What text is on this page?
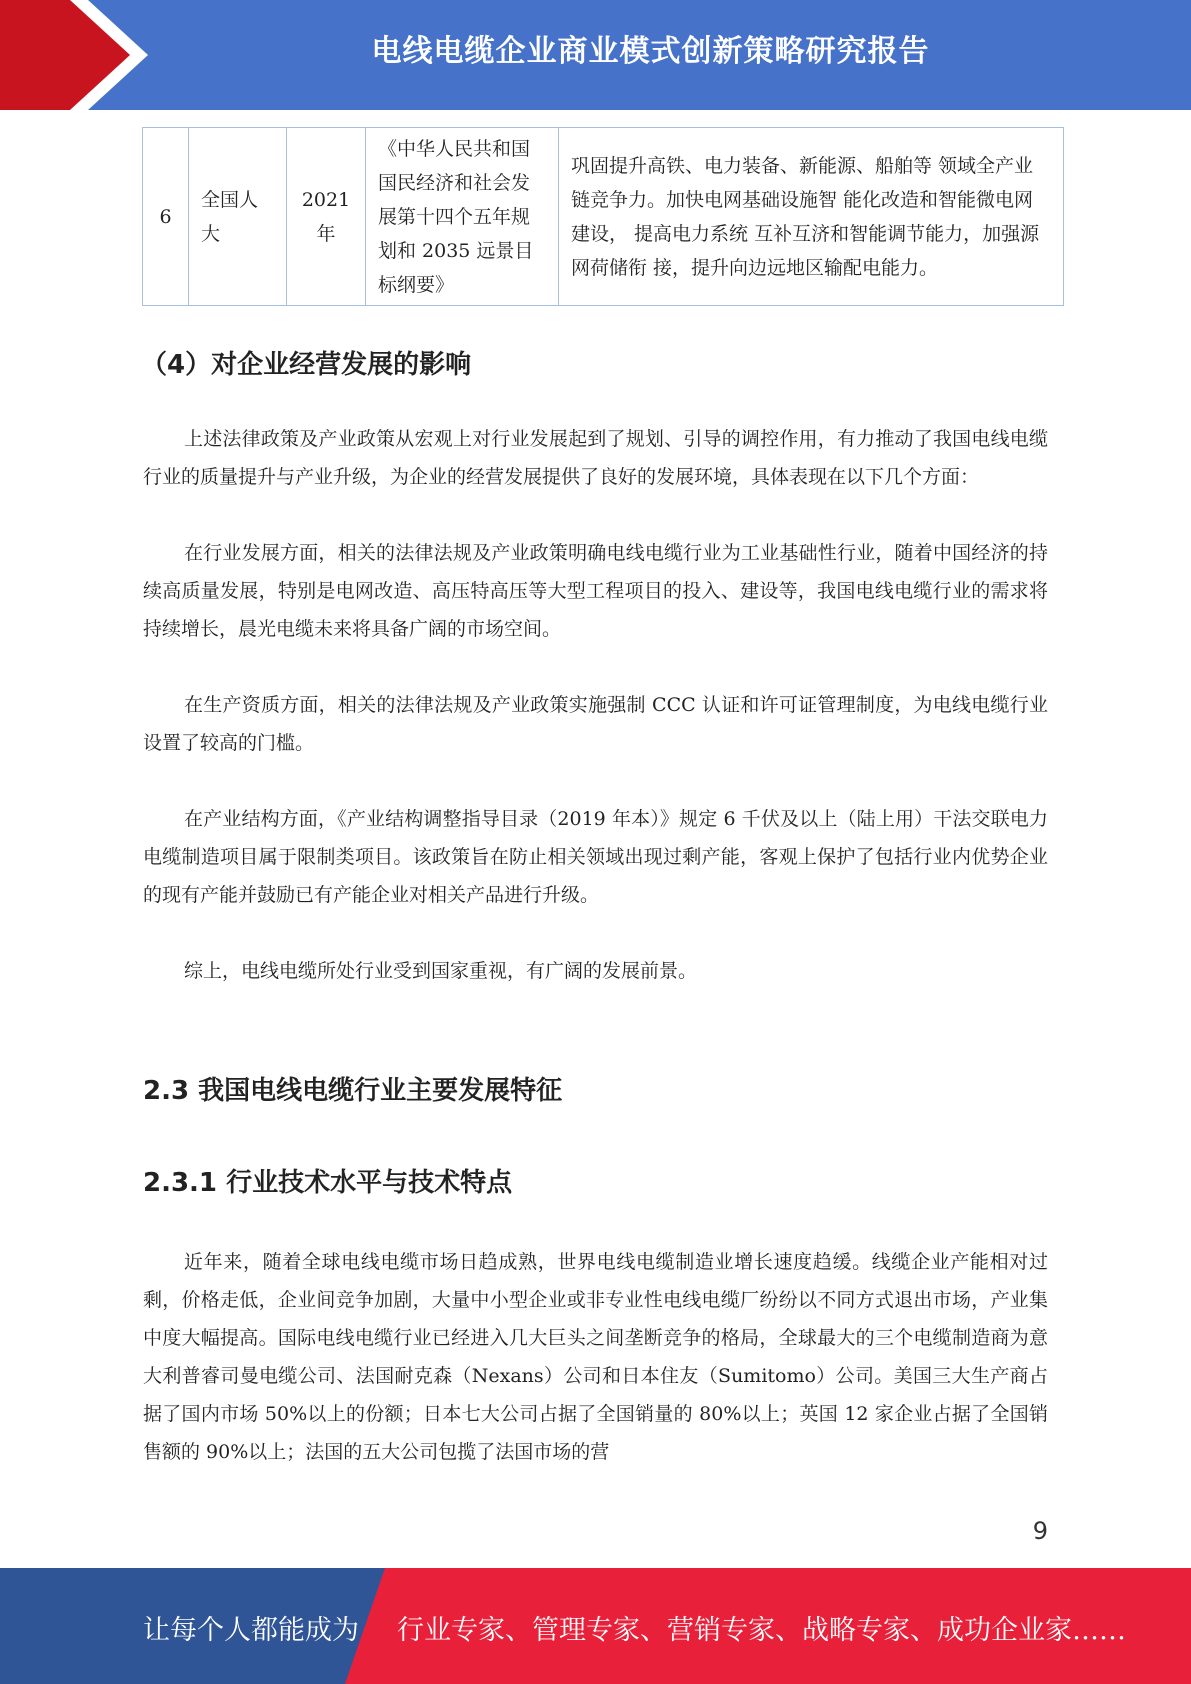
电线电缆企业商业模式创新策略研究报告
6	全国人大	2021 年	《中华人民共和国国民经济和社会发展第十四个五年规划和 2035 远景目标纲要》	巩固提升高铁、电力装备、新能源、船舶等 领域全产业链竞争力。加快电网基础设施智 能化改造和智能微电网建设， 提高电力系统 互补互济和智能调节能力，加强源网荷储衔 接，提升向边远地区输配电能力。
（4）对企业经营发展的影响

上述法律政策及产业政策从宏观上对行业发展起到了规划、引导的调控作用，有力推动了我国电线电缆行业的质量提升与产业升级，为企业的经营发展提供了良好的发展环境，具体表现在以下几个方面：

在行业发展方面，相关的法律法规及产业政策明确电线电缆行业为工业基础性行业，随着中国经济的持续高质量发展，特别是电网改造、高压特高压等大型工程项目的投入、建设等，我国电线电缆行业的需求将持续增长，晨光电缆未来将具备广阔的市场空间。

在生产资质方面，相关的法律法规及产业政策实施强制 CCC 认证和许可证管理制度，为电线电缆行业设置了较高的门槛。

在产业结构方面，《产业结构调整指导目录（2019 年本）》规定 6 千伏及以上（陆上用）干法交联电力电缆制造项目属于限制类项目。该政策旨在防止相关领域出现过剩产能，客观上保护了包括行业内优势企业的现有产能并鼓励已有产能企业对相关产品进行升级。

综上，电线电缆所处行业受到国家重视，有广阔的发展前景。

2.3 我国电线电缆行业主要发展特征
2.3.1 行业技术水平与技术特点

近年来，随着全球电线电缆市场日趋成熟，世界电线电缆制造业增长速度趋缓。线缆企业产能相对过剩，价格走低，企业间竞争加剧，大量中小型企业或非专业性电线电缆厂纷纷以不同方式退出市场，产业集中度大幅提高。国际电线电缆行业已经进入几大巨头之间垄断竞争的格局，全球最大的三个电缆制造商为意大利普睿司曼电缆公司、法国耐克森（Nexans）公司和日本住友（Sumitomo）公司。美国三大生产商占据了国内市场 50%以上的份额；日本七大公司占据了全国销量的 80%以上；英国 12 家企业占据了全国销售额的 90%以上；法国的五大公司包揽了法国市场的营

9
让每个人都能成为 行业专家、管理专家、营销专家、战略专家、成功企业家……
